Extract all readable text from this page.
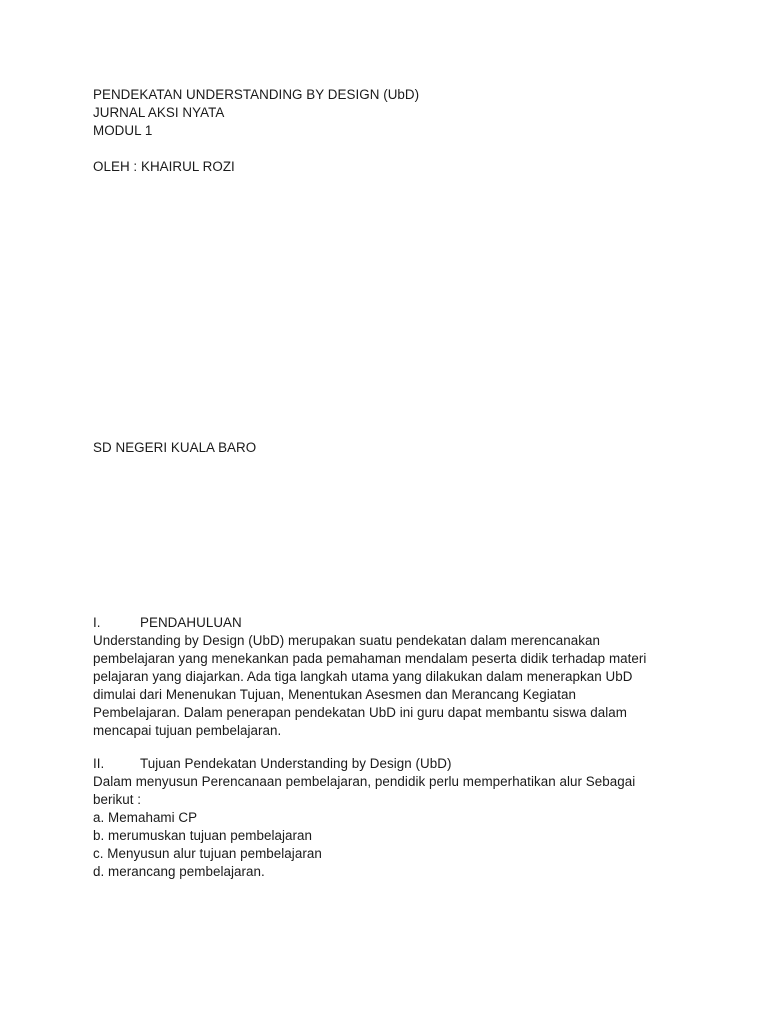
PENDEKATAN UNDERSTANDING BY DESIGN (UbD)
JURNAL AKSI NYATA
MODUL 1
OLEH : KHAIRUL ROZI
SD NEGERI KUALA BARO
I.	PENDAHULUAN
Understanding by Design (UbD) merupakan suatu pendekatan dalam merencanakan
pembelajaran yang menekankan pada pemahaman mendalam peserta didik terhadap materi
pelajaran yang diajarkan. Ada tiga langkah utama yang dilakukan dalam menerapkan UbD
dimulai dari Menenukan Tujuan, Menentukan Asesmen dan Merancang Kegiatan
Pembelajaran. Dalam penerapan pendekatan UbD ini guru dapat membantu siswa dalam
mencapai tujuan pembelajaran.
II.	Tujuan Pendekatan Understanding by Design (UbD)
Dalam menyusun Perencanaan pembelajaran, pendidik perlu memperhatikan alur Sebagai
berikut :
a. Memahami CP
b. merumuskan tujuan pembelajaran
c. Menyusun alur tujuan pembelajaran
d. merancang pembelajaran.
